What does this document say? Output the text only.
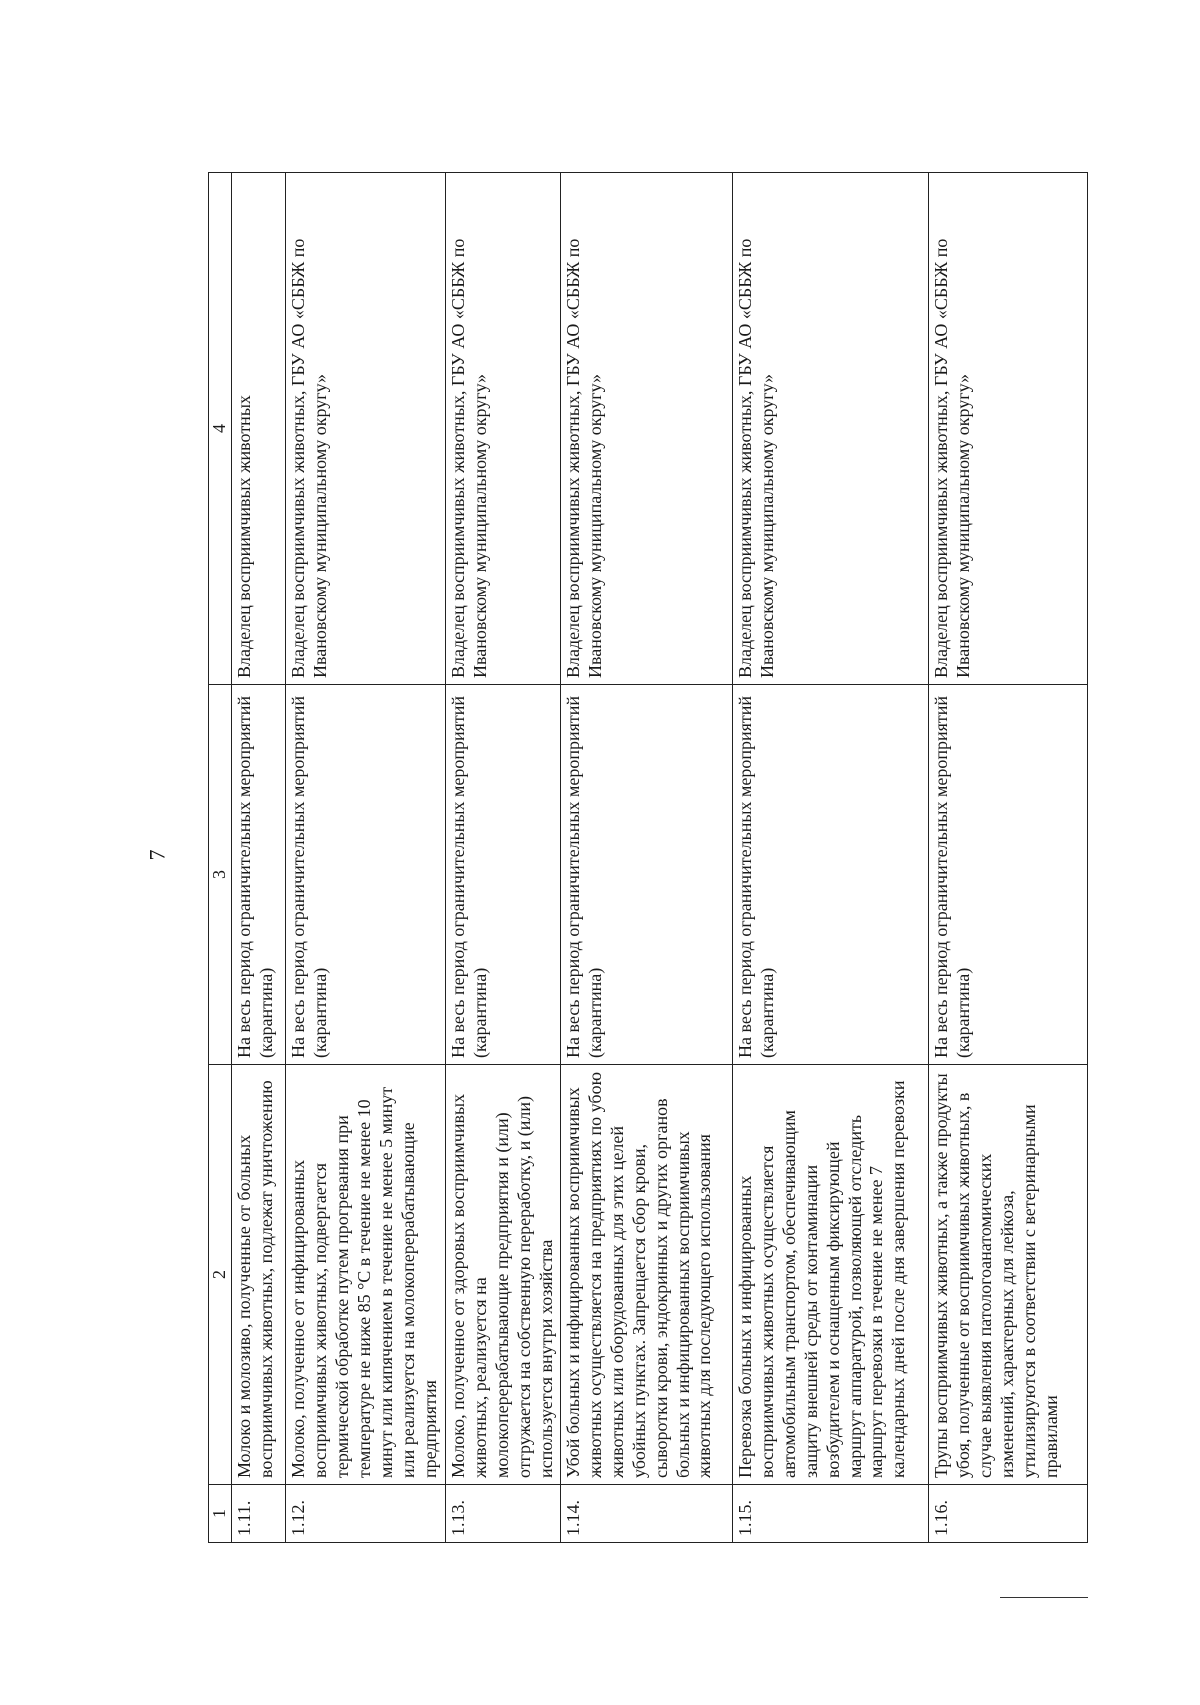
7
1	2	3	4
1.11.	Молоко и молозиво, полученные от больных восприимчивых животных, подлежат уничтожению	На весь период ограничительных мероприятий (карантина)	Владелец восприимчивых животных
1.12.	Молоко, полученное от инфицированных восприимчивых животных, подвергается термической обработке путем прогревания при температуре не ниже 85 °С в течение не менее 10 минут или кипячением в течение не менее 5 минут или реализуется на молокоперерабатывающие предприятия	На весь период ограничительных мероприятий (карантина)	Владелец восприимчивых животных, ГБУ АО «СББЖ по Ивановскому муниципальному округу»
1.13.	Молоко, полученное от здоровых восприимчивых животных, реализуется на молокоперерабатывающие предприятия и (или) отгружается на собственную переработку, и (или) используется внутри хозяйства	На весь период ограничительных мероприятий (карантина)	Владелец восприимчивых животных, ГБУ АО «СББЖ по Ивановскому муниципальному округу»
1.14.	Убой больных и инфицированных восприимчивых животных осуществляется на предприятиях по убою животных или оборудованных для этих целей убойных пунктах. Запрещается сбор крови, сыворотки крови, эндокринных и других органов больных и инфицированных восприимчивых животных для последующего использования	На весь период ограничительных мероприятий (карантина)	Владелец восприимчивых животных, ГБУ АО «СББЖ по Ивановскому муниципальному округу»
1.15.	Перевозка больных и инфицированных восприимчивых животных осуществляется автомобильным транспортом, обеспечивающим защиту внешней среды от контаминации возбудителем и оснащенным фиксирующей маршрут аппаратурой, позволяющей отследить маршрут перевозки в течение не менее 7 календарных дней после дня завершения перевозки	На весь период ограничительных мероприятий (карантина)	Владелец восприимчивых животных, ГБУ АО «СББЖ по Ивановскому муниципальному округу»
1.16.	Трупы восприимчивых животных, а также продукты убоя, полученные от восприимчивых животных, в случае выявления патологоанатомических изменений, характерных для лейкоза, утилизируются в соответствии с ветеринарными правилами	На весь период ограничительных мероприятий (карантина)	Владелец восприимчивых животных, ГБУ АО «СББЖ по Ивановскому муниципальному округу»
